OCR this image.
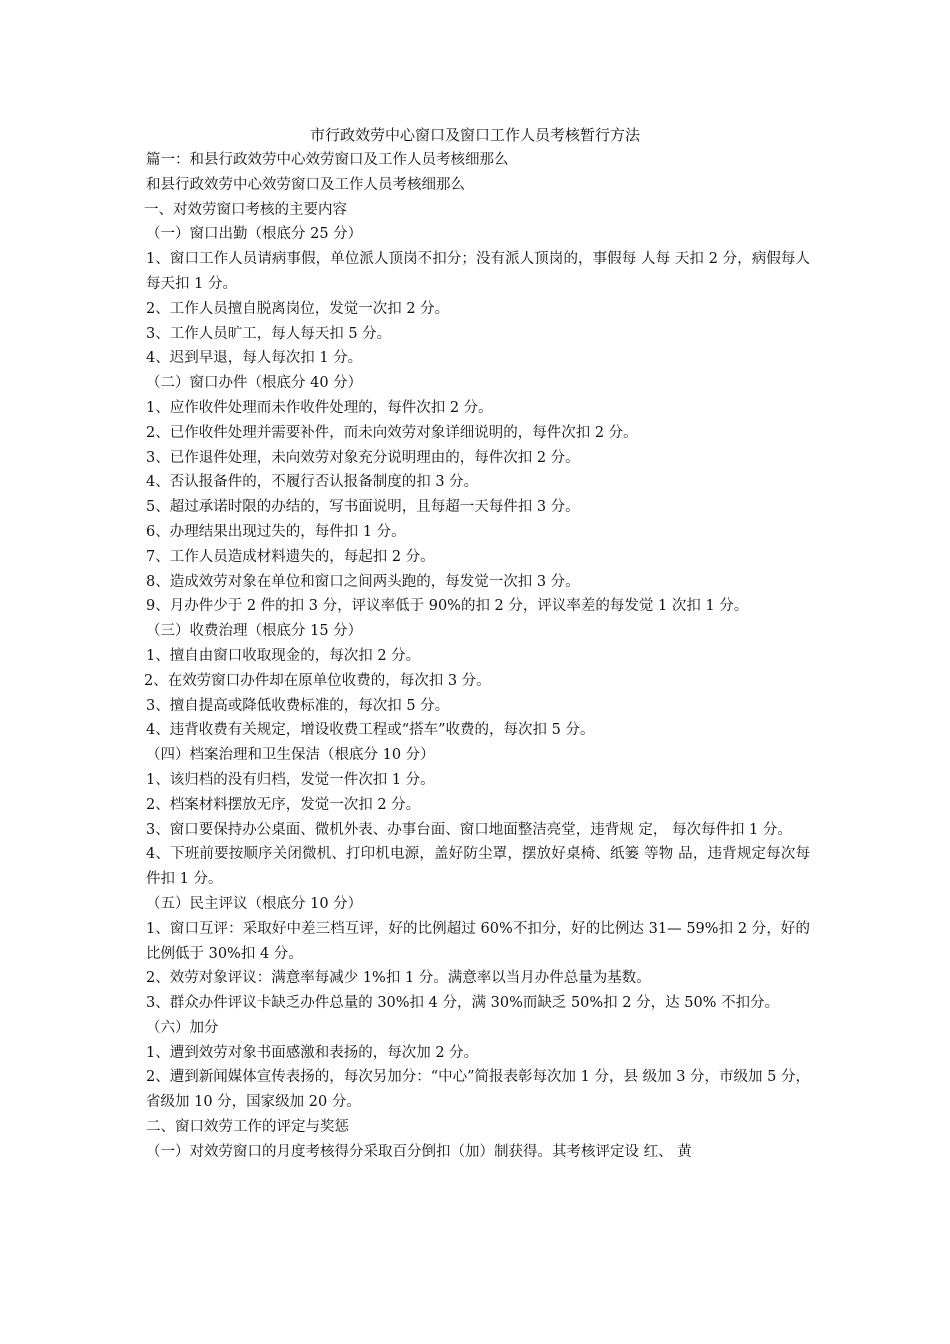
市行政效劳中心窗口及窗口工作人员考核暂行方法
篇一：和县行政效劳中心效劳窗口及工作人员考核细那么
和县行政效劳中心效劳窗口及工作人员考核细那么
一、对效劳窗口考核的主要内容
（一）窗口出勤（根底分 25 分）
1、窗口工作人员请病事假，单位派人顶岗不扣分；没有派人顶岗的，事假每 人每 天扣 2 分，病假每人每天扣 1 分。
2、工作人员擅自脱离岗位，发觉一次扣 2 分。
3、工作人员旷工，每人每天扣 5 分。
4、迟到早退，每人每次扣 1 分。
（二）窗口办件（根底分 40 分）
1、应作收件处理而未作收件处理的，每件次扣 2 分。
2、已作收件处理并需要补件，而未向效劳对象详细说明的，每件次扣 2 分。
3、已作退件处理，未向效劳对象充分说明理由的，每件次扣 2 分。
4、否认报备件的，不履行否认报备制度的扣 3 分。
5、超过承诺时限的办结的，写书面说明，且每超一天每件扣 3 分。
6、办理结果出现过失的，每件扣 1 分。
7、工作人员造成材料遗失的，每起扣 2 分。
8、造成效劳对象在单位和窗口之间两头跑的，每发觉一次扣 3 分。
9、月办件少于 2 件的扣 3 分，评议率低于 90%的扣 2 分，评议率差的每发觉 1 次扣 1 分。
（三）收费治理（根底分 15 分）
1、擅自由窗口收取现金的，每次扣 2 分。
2、在效劳窗口办件却在原单位收费的，每次扣 3 分。
3、擅自提高或降低收费标准的，每次扣 5 分。
4、违背收费有关规定，增设收费工程或“搭车”收费的，每次扣 5 分。
（四）档案治理和卫生保洁（根底分 10 分）
1、该归档的没有归档，发觉一件次扣 1 分。
2、档案材料摆放无序，发觉一次扣 2 分。
3、窗口要保持办公桌面、微机外表、办事台面、窗口地面整洁亮堂，违背规 定， 每次每件扣 1 分。
4、下班前要按顺序关闭微机、打印机电源，盖好防尘罩，摆放好桌椅、纸篓 等物 品，违背规定每次每件扣 1 分。
（五）民主评议（根底分 10 分）
1、窗口互评：采取好中差三档互评，好的比例超过 60%不扣分，好的比例达 31— 59%扣 2 分，好的比例低于 30%扣 4 分。
2、效劳对象评议：满意率每减少 1%扣 1 分。满意率以当月办件总量为基数。
3、群众办件评议卡缺乏办件总量的 30%扣 4 分，满 30%而缺乏 50%扣 2 分，达 50% 不扣分。
（六）加分
1、遭到效劳对象书面感激和表扬的，每次加 2 分。
2、遭到新闻媒体宣传表扬的，每次另加分：“中心”简报表彰每次加 1 分，县 级加 3 分，市级加 5 分，省级加 10 分，国家级加 20 分。
二、窗口效劳工作的评定与奖惩
（一）对效劳窗口的月度考核得分采取百分倒扣（加）制获得。其考核评定设 红、 黄
